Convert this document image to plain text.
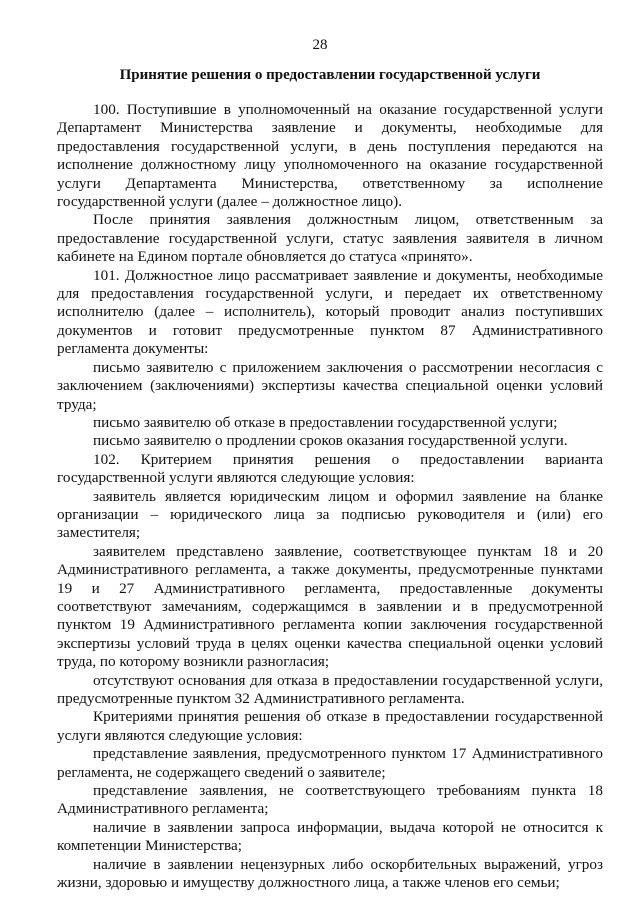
28
Принятие решения о предоставлении государственной услуги

100. Поступившие в уполномоченный на оказание государственной услуги Департамент Министерства заявление и документы, необходимые для предоставления государственной услуги, в день поступления передаются на исполнение должностному лицу уполномоченного на оказание государственной услуги Департамента Министерства, ответственному за исполнение государственной услуги (далее – должностное лицо).

После принятия заявления должностным лицом, ответственным за предоставление государственной услуги, статус заявления заявителя в личном кабинете на Едином портале обновляется до статуса «принято».

101. Должностное лицо рассматривает заявление и документы, необходимые для предоставления государственной услуги, и передает их ответственному исполнителю (далее – исполнитель), который проводит анализ поступивших документов и готовит предусмотренные пунктом 87 Административного регламента документы:

письмо заявителю с приложением заключения о рассмотрении несогласия с заключением (заключениями) экспертизы качества специальной оценки условий труда;

письмо заявителю об отказе в предоставлении государственной услуги;

письмо заявителю о продлении сроков оказания государственной услуги.

102. Критерием принятия решения о предоставлении варианта государственной услуги являются следующие условия:

заявитель является юридическим лицом и оформил заявление на бланке организации – юридического лица за подписью руководителя и (или) его заместителя;

заявителем представлено заявление, соответствующее пунктам 18 и 20 Административного регламента, а также документы, предусмотренные пунктами 19 и 27 Административного регламента, предоставленные документы соответствуют замечаниям, содержащимся в заявлении и в предусмотренной пунктом 19 Административного регламента копии заключения государственной экспертизы условий труда в целях оценки качества специальной оценки условий труда, по которому возникли разногласия;

отсутствуют основания для отказа в предоставлении государственной услуги, предусмотренные пунктом 32 Административного регламента.

Критериями принятия решения об отказе в предоставлении государственной услуги являются следующие условия:

представление заявления, предусмотренного пунктом 17 Административного регламента, не содержащего сведений о заявителе;

представление заявления, не соответствующего требованиям пункта 18 Административного регламента;

наличие в заявлении запроса информации, выдача которой не относится к компетенции Министерства;

наличие в заявлении нецензурных либо оскорбительных выражений, угроз жизни, здоровью и имуществу должностного лица, а также членов его семьи;
